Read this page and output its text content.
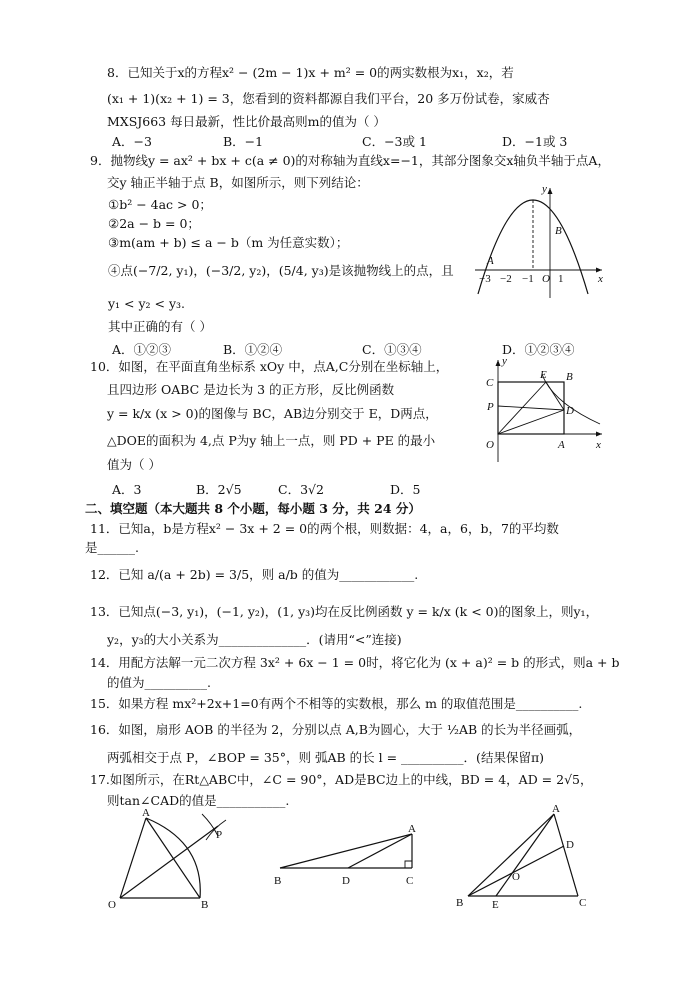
8．已知关于x的方程x² − (2m − 1)x + m² = 0的两实数根为x₁，x₂，若
(x₁ + 1)(x₂ + 1) = 3，您看到的资料都源自我们平台，20 多万份试卷，家威杏
MXSJ663 每日最新，性比价最高则m的值为（ ）
A．−3	B．−1	C．−3或 1	D．−1或 3
9．抛物线y = ax² + bx + c(a ≠ 0)的对称轴为直线x=−1，其部分图象交x轴负半轴于点A，
交y 轴正半轴于点 B，如图所示，则下列结论：
①b² − 4ac > 0；
②2a − b = 0；
③m(am + b) ≤ a − b（m 为任意实数）；
④点(−7/2, y₁)，(−3/2, y₂)，(5/4, y₃)是该抛物线上的点，且
y₁ < y₂ < y₃.
其中正确的有（ ）
A．①②③	B．①②④	C．①③④	D．①②③④
y
B
A
−3 −2 −1 O 1	x
10．如图，在平面直角坐标系 xOy 中，点A,C分别在坐标轴上，
且四边形 OABC 是边长为 3 的正方形，反比例函数
y = k/x (x > 0)的图像与 BC，AB边分别交于 E，D两点，
△DOE的面积为 4,点 P为y 轴上一点，则 PD + PE 的最小
值为（ ）
A．3	B．2√5	C．3√2	D．5
y
C
E B
P	D
O	A	x
二、填空题（本大题共 8 个小题，每小题 3 分，共 24 分）
11．已知a，b是方程x² − 3x + 2 = 0的两个根，则数据：4，a，6，b，7的平均数
是______.
12．已知 a/(a + 2b) = 3/5，则 a/b 的值为____________.
13．已知点(−3, y₁)，(−1, y₂)，(1, y₃)均在反比例函数 y = k/x (k < 0)的图象上，则y₁，
y₂，y₃的大小关系为______________．(请用“<”连接)
14．用配方法解一元二次方程 3x² + 6x − 1 = 0时，将它化为 (x + a)² = b 的形式，则a + b
的值为__________.
15．如果方程 mx²+2x+1=0有两个不相等的实数根，那么 m 的取值范围是__________.
16．如图，扇形 AOB 的半径为 2，分别以点 A,B为圆心，大于 ½AB 的长为半径画弧，
两弧相交于点 P，∠BOP = 35°，则 弧AB 的长 l = __________．(结果保留π)
17.如图所示，在Rt△ABC中，∠C = 90°，AD是BC边上的中线，BD = 4，AD = 2√5，
则tan∠CAD的值是___________.
A
P
O	B
A
B	D	C
A
D
O
B	E	C
